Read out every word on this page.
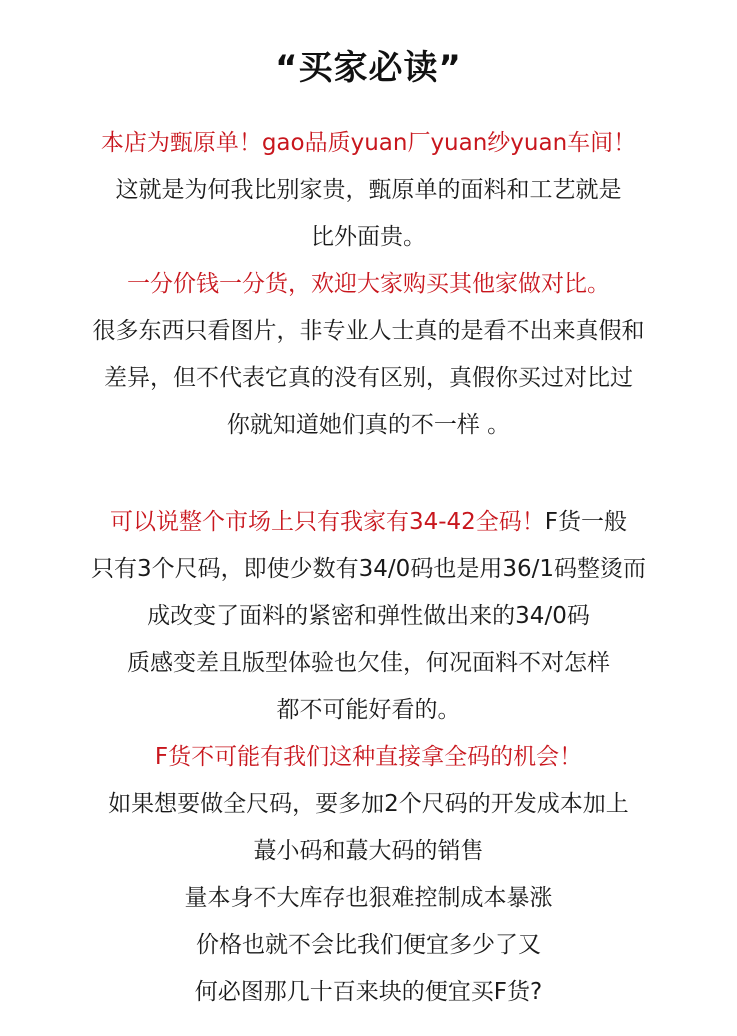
“买家必读”
本店为甄原单！gao品质yuan厂yuan纱yuan车间！
这就是为何我比别家贵，甄原单的面料和工艺就是
比外面贵。
一分价钱一分货，欢迎大家购买其他家做对比。
很多东西只看图片，非专业人士真的是看不出来真假和
差异，但不代表它真的没有区别，真假你买过对比过
你就知道她们真的不一样 。
可以说整个市场上只有我家有34-42全码！F货一般
只有3个尺码，即使少数有34/0码也是用36/1码整烫而
成改变了面料的紧密和弹性做出来的34/0码
质感变差且版型体验也欠佳，何况面料不对怎样
都不可能好看的。
F货不可能有我们这种直接拿全码的机会！
如果想要做全尺码，要多加2个尺码的开发成本加上
蕞小码和蕞大码的销售
量本身不大库存也狠难控制成本暴涨
价格也就不会比我们便宜多少了又
何必图那几十百来块的便宜买F货?
